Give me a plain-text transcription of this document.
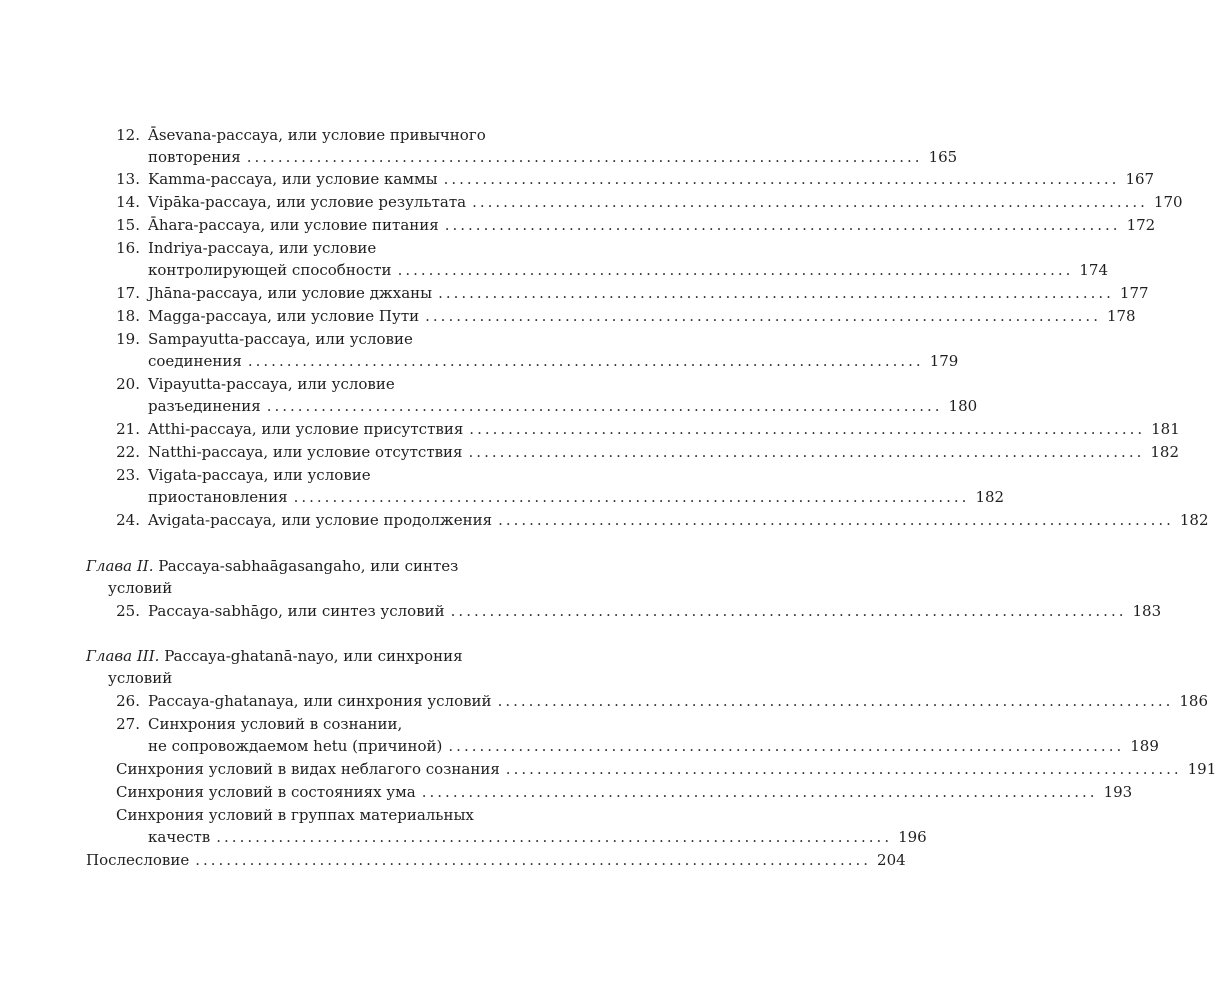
12. Āsevana-paccaya, или условие привычного
повторения ....................................................................................... 165
13. Kamma-paccaya, или условие каммы ....................................................................................... 167
14. Vipāka-paccaya, или условие результата ....................................................................................... 170
15. Āhara-paccaya, или условие питания ....................................................................................... 172
16. Indriya-paccaya, или условие
контролирующей способности ....................................................................................... 174
17. Jhāna-paccaya, или условие джханы ....................................................................................... 177
18. Magga-paccaya, или условие Пути ....................................................................................... 178
19. Sampayutta-paccaya, или условие
соединения ....................................................................................... 179
20. Vipayutta-paccaya, или условие
разъединения ....................................................................................... 180
21. Atthi-paccaya, или условие присутствия ....................................................................................... 181
22. Natthi-paccaya, или условие отсутствия ....................................................................................... 182
23. Vigata-paccaya, или условие
приостановления ....................................................................................... 182
24. Avigata-paccaya, или условие продолжения ....................................................................................... 182
Глава II. Paccaya-sabhaāgasangaho, или синтез
условий
25. Paccaya-sabhāgo, или синтез условий ....................................................................................... 183
Глава III. Paccaya-ghatanā-nayo, или синхрония
условий
26. Paccaya-ghatanaya, или синхрония условий ....................................................................................... 186
27. Синхрония условий в сознании,
не сопровождаемом hetu (причиной) ....................................................................................... 189
Синхрония условий в видах неблагого сознания ....................................................................................... 191
Синхрония условий в состояниях ума ....................................................................................... 193
Синхрония условий в группах материальных
качеств ....................................................................................... 196
Послесловие ....................................................................................... 204
